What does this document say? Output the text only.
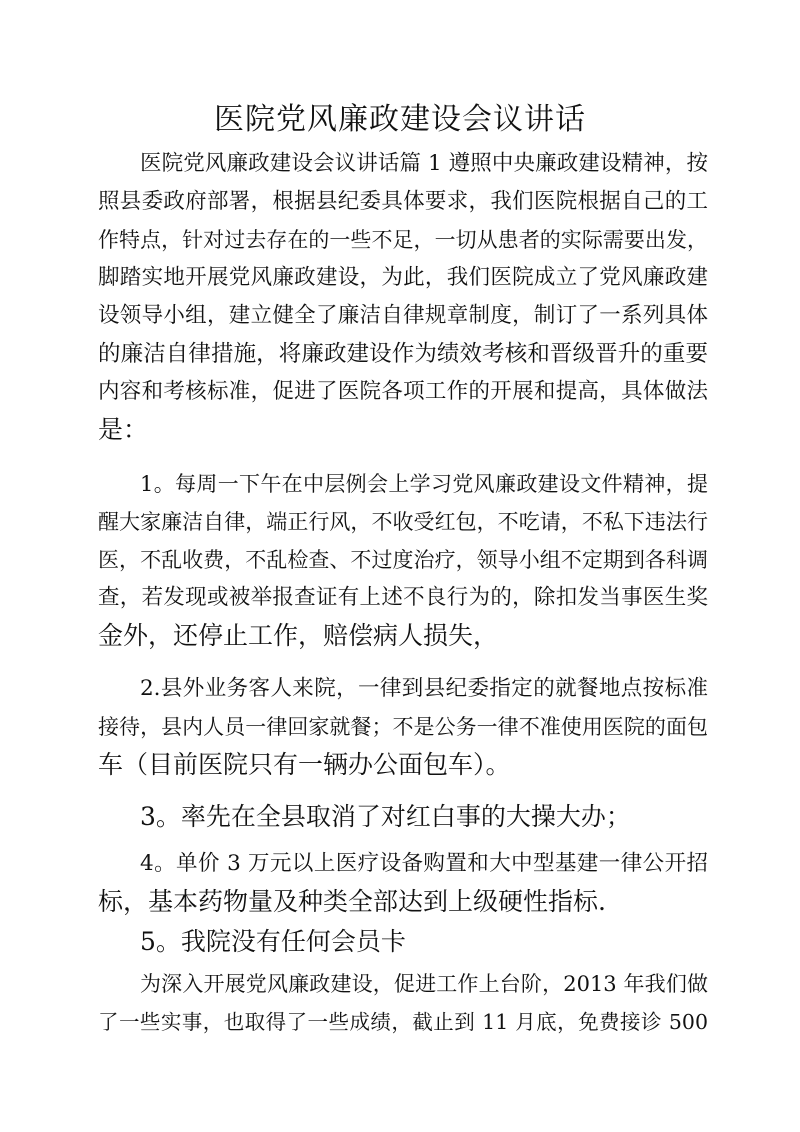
医院党风廉政建设会议讲话
医院党风廉政建设会议讲话篇 1 遵照中央廉政建设精神，按
照县委政府部署，根据县纪委具体要求，我们医院根据自己的工
作特点，针对过去存在的一些不足，一切从患者的实际需要出发，
脚踏实地开展党风廉政建设，为此，我们医院成立了党风廉政建
设领导小组，建立健全了廉洁自律规章制度，制订了一系列具体
的廉洁自律措施，将廉政建设作为绩效考核和晋级晋升的重要
内容和考核标准，促进了医院各项工作的开展和提高，具体做法
是：
1。每周一下午在中层例会上学习党风廉政建设文件精神，提
醒大家廉洁自律，端正行风，不收受红包，不吃请，不私下违法行
医，不乱收费，不乱检查、不过度治疗，领导小组不定期到各科调
查，若发现或被举报查证有上述不良行为的，除扣发当事医生奖
金外，还停止工作，赔偿病人损失，
2.县外业务客人来院，一律到县纪委指定的就餐地点按标准
接待，县内人员一律回家就餐；不是公务一律不准使用医院的面包
车（目前医院只有一辆办公面包车）。
3。率先在全县取消了对红白事的大操大办；
4。单价 3 万元以上医疗设备购置和大中型基建一律公开招
标，基本药物量及种类全部达到上级硬性指标.
5。我院没有任何会员卡
为深入开展党风廉政建设，促进工作上台阶，2013 年我们做
了一些实事，也取得了一些成绩，截止到 11 月底，免费接诊 500
